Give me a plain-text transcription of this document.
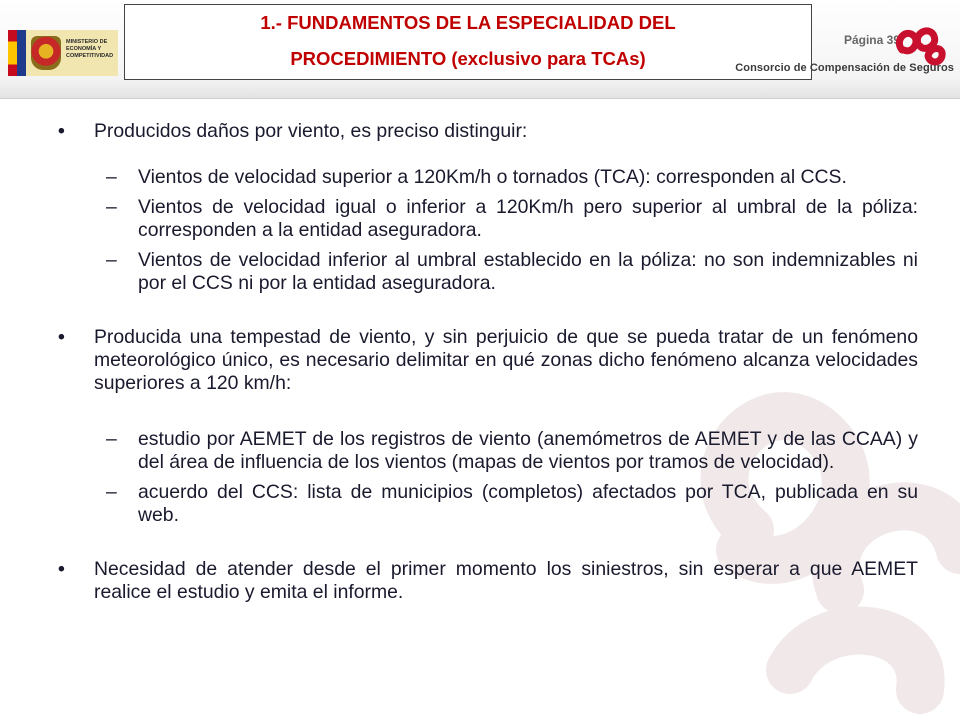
MINISTERIO DE ECONOMÍA Y COMPETITIVIDAD
1.- FUNDAMENTOS DE LA ESPECIALIDAD DEL
PROCEDIMIENTO (exclusivo para TCAs)
Página 39
Consorcio de Compensación de Seguros
• Producidos daños por viento, es preciso distinguir:
– Vientos de velocidad superior a 120Km/h o tornados (TCA): corresponden al CCS.
– Vientos de velocidad igual o inferior a 120Km/h pero superior al umbral de la póliza: corresponden a la entidad aseguradora.
– Vientos de velocidad inferior al umbral establecido en la póliza: no son indemnizables ni por el CCS ni por la entidad aseguradora.
• Producida una tempestad de viento, y sin perjuicio de que se pueda tratar de un fenómeno meteorológico único, es necesario delimitar en qué zonas dicho fenómeno alcanza velocidades superiores a 120 km/h:
– estudio por AEMET de los registros de viento (anemómetros de AEMET y de las CCAA) y del área de influencia de los vientos (mapas de vientos por tramos de velocidad).
– acuerdo del CCS: lista de municipios (completos) afectados por TCA, publicada en su web.
• Necesidad de atender desde el primer momento los siniestros, sin esperar a que AEMET realice el estudio y emita el informe.
